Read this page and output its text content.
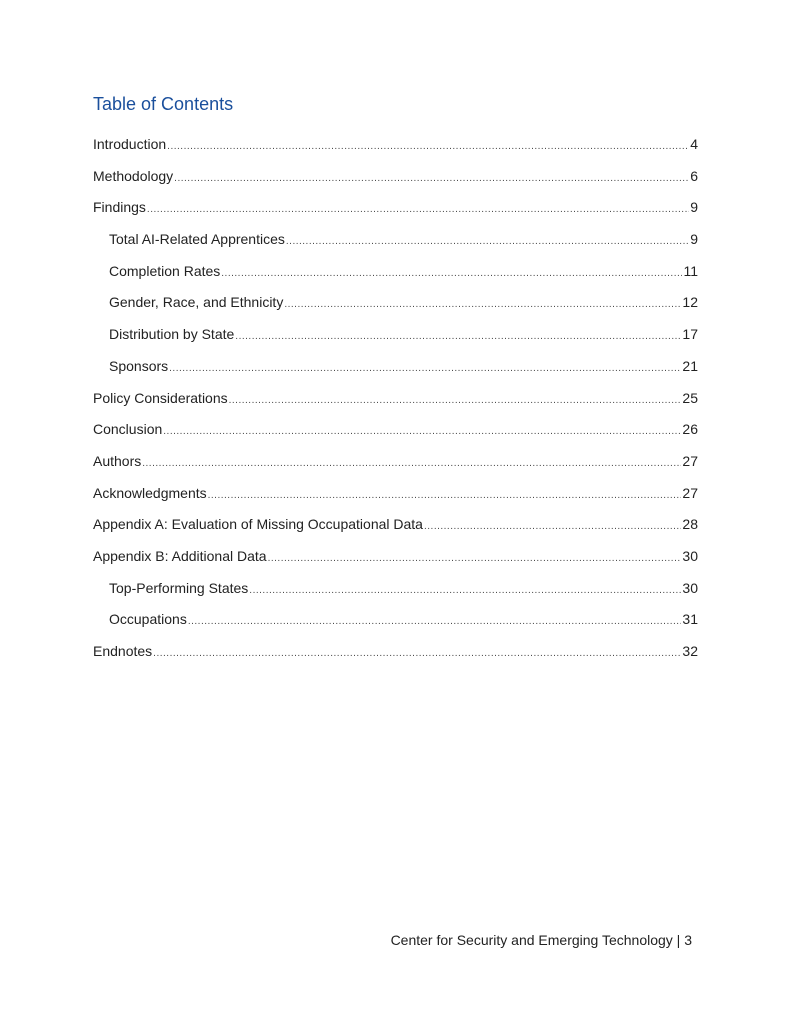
Table of Contents
Introduction .....	4
Methodology .....	6
Findings .....	9
Total AI-Related Apprentices .....	9
Completion Rates .....	11
Gender, Race, and Ethnicity .....	12
Distribution by State .....	17
Sponsors .....	21
Policy Considerations .....	25
Conclusion .....	26
Authors .....	27
Acknowledgments .....	27
Appendix A: Evaluation of Missing Occupational Data .....	28
Appendix B: Additional Data .....	30
Top-Performing States .....	30
Occupations .....	31
Endnotes .....	32
Center for Security and Emerging Technology | 3
